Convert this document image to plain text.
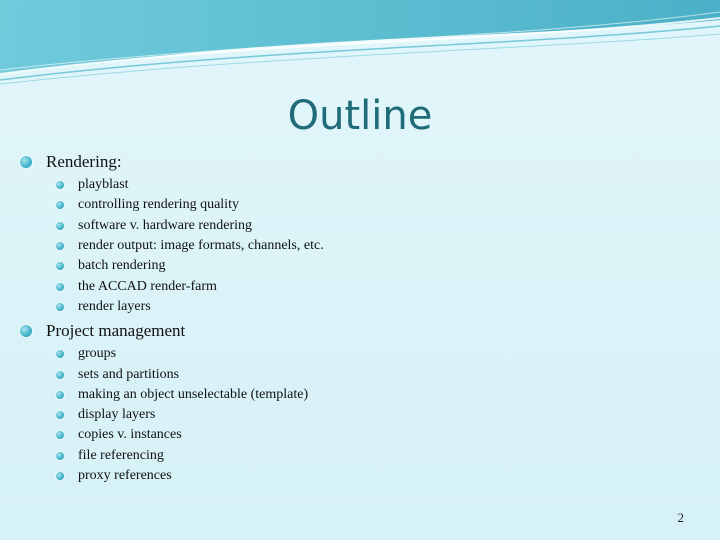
Outline
Rendering:
playblast
controlling rendering quality
software v. hardware rendering
render output: image formats, channels, etc.
batch rendering
the ACCAD render-farm
render layers
Project management
groups
sets and partitions
making an object unselectable (template)
display layers
copies v. instances
file referencing
proxy references
2
